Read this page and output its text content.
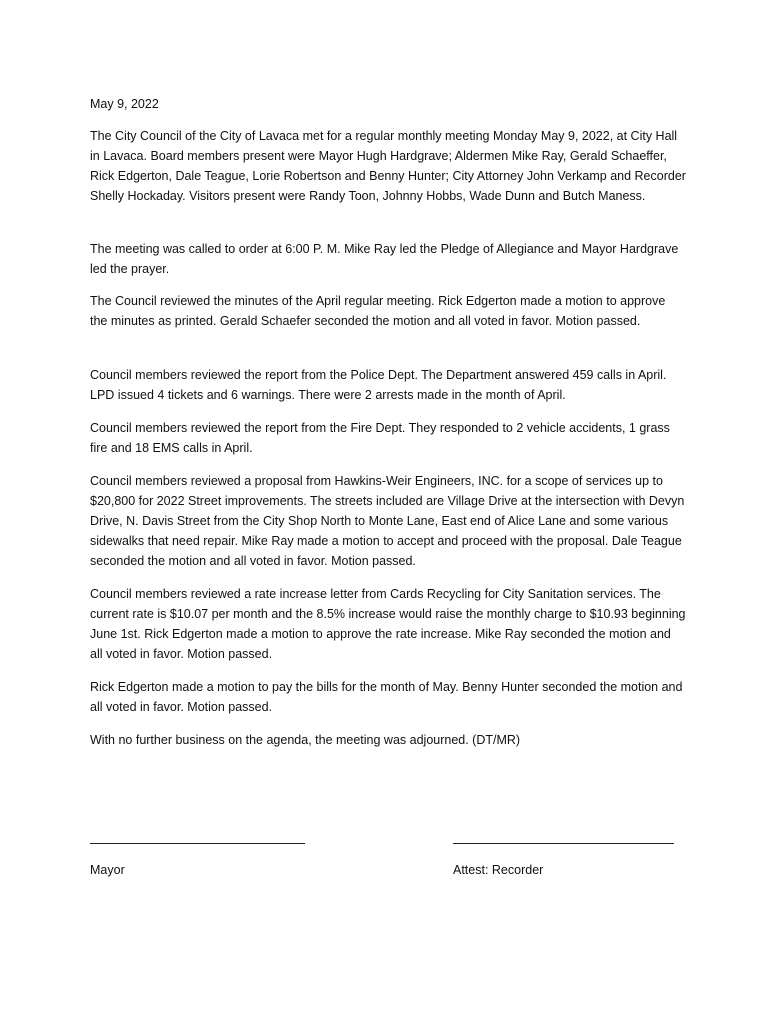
May 9, 2022

The City Council of the City of Lavaca met for a regular monthly meeting Monday May 9, 2022, at City Hall in Lavaca. Board members present were Mayor Hugh Hardgrave; Aldermen Mike Ray, Gerald Schaeffer, Rick Edgerton, Dale Teague, Lorie Robertson and Benny Hunter; City Attorney John Verkamp and Recorder Shelly Hockaday. Visitors present were Randy Toon, Johnny Hobbs, Wade Dunn and Butch Maness.

The meeting was called to order at 6:00 P. M. Mike Ray led the Pledge of Allegiance and Mayor Hardgrave led the prayer.

The Council reviewed the minutes of the April regular meeting. Rick Edgerton made a motion to approve the minutes as printed. Gerald Schaefer seconded the motion and all voted in favor. Motion passed.

Council members reviewed the report from the Police Dept. The Department answered 459 calls in April. LPD issued 4 tickets and 6 warnings. There were 2 arrests made in the month of April.

Council members reviewed the report from the Fire Dept. They responded to 2 vehicle accidents, 1 grass fire and 18 EMS calls in April.

Council members reviewed a proposal from Hawkins-Weir Engineers, INC. for a scope of services up to $20,800 for 2022 Street improvements. The streets included are Village Drive at the intersection with Devyn Drive, N. Davis Street from the City Shop North to Monte Lane, East end of Alice Lane and some various sidewalks that need repair. Mike Ray made a motion to accept and proceed with the proposal. Dale Teague seconded the motion and all voted in favor. Motion passed.

Council members reviewed a rate increase letter from Cards Recycling for City Sanitation services. The current rate is $10.07 per month and the 8.5% increase would raise the monthly charge to $10.93 beginning June 1st. Rick Edgerton made a motion to approve the rate increase. Mike Ray seconded the motion and all voted in favor. Motion passed.

Rick Edgerton made a motion to pay the bills for the month of May. Benny Hunter seconded the motion and all voted in favor. Motion passed.

With no further business on the agenda, the meeting was adjourned. (DT/MR)

Mayor	Attest: Recorder
